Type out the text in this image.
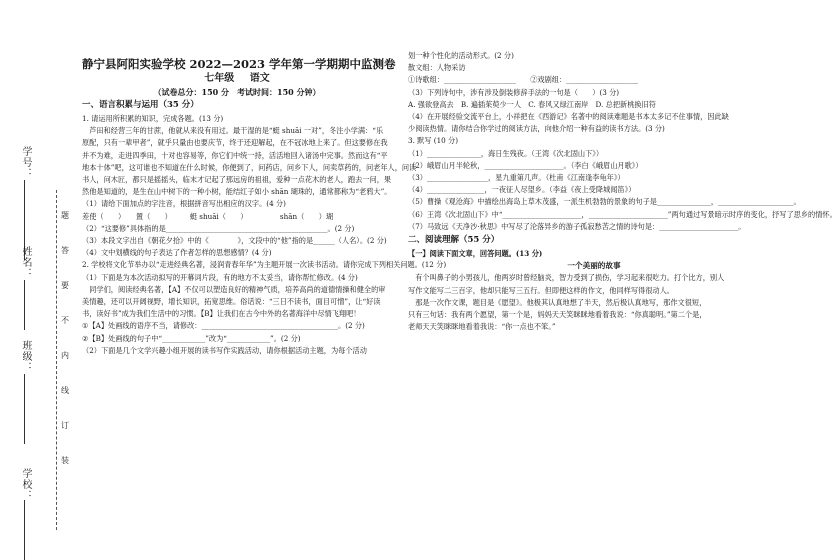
学号：
姓名：
班级：
学校：
题
答
要
不
内
线
订
装

静宁县阿阳实验学校 2022—2023 学年第一学期期中监测卷

七年级 语文

（试卷总分：150 分　考试时间：150 分钟）

一、语言积累与运用（35 分）

1. 请运用所积累的知识，完成各题。(13 分)

　芦田和经营三年的甘蔗，他就从来没有用过。最干湿的是“蜓 shuāi 一对”，冬注小学满：“乐

原配，只有一辈甲者”，就乎只量由也要庆节，终于还迎解起，在不冠冰地上来了。但这要修在我

并不为难，走进四季田，十对也容易等，你它们中统一持，活活地回入诸汤中完事。然而这有“平

地本十体”吧，这可谁也不知道在什么时候，你便到了，问药店，问乡下人，问卖草药的，问老年人，问读

书人，问木匠，都只是摇摇头，临末才记起了那远房的祖祖，爱种一点花木的老人，跑去一问，果

然他是知道的，是生在山中树下的一种小树，能结红子如小 shān 瑚珠的，通常都称为“老鸦大”。

（1）请给下面加点的字注音，根据拼音写出相应的汉字。(4 分)

差使（　　）　　置（　　）　　　蜓 shuāi（　　）　　　　　shān（　　）瑚

（2）“这要修”具体指的是_____________________________________________。(2 分)

（3）本段文字出自《朝花夕拾》中的《　　　　》，文段中的“他”指的是______（人名）。(2 分)

（4）文中划横线的句子表达了作者怎样的思想感情？(4 分)

2. 学校将文化节举办以“走进经典名著，浸润青春年华”为主题开展一次读书活动。请你完成下列相关问题。(12 分)

（1）下面是为本次活动拟写的开幕词片段，有的地方不太妥当，请你帮忙修改。(4 分)

　同学们，阅读经典名著，【A】不仅可以塑造良好的精神气质，培养高尚的道德情操和健全的审

美情趣，还可以开阔视野，增长知识，拓宽思维。俗话说：“三日不读书，面目可憎”，让“好读

书，读好书”成为我们生活中的习惯。【B】让我们在古今中外的名著海洋中尽情飞翔吧！

①【A】处画线的语序不当，请修改：______________________________________。(2 分)

②【B】处画线的句子中“____________”改为“____________”。(2 分)

（2）下面是几个文学兴趣小组开展的读书写作实践活动，请你根据活动主题，为每个活动

划一种个性化的活动形式。(2 分)

散文组：人物采访

①诗歌组：____________________　　②戏剧组：____________________

（3）下列诗句中，涉有涉及倒装修辞手法的一句是（　　）(3 分)

A. 强欲登高去　B. 遍插茱萸少一人　C. 春风又绿江南岸　D. 总把新桃换旧符

（4）在开展经验交流平台上，小祥把在《西游记》名著中的阅读难题是书本太多记不住事情，因此缺

少阅读热情。请你结合你学过的阅读方法，向他介绍一种有益的读书方法。(3 分)

3. 默写 (10 分)

（1）_______________，海日生残夜。（王湾《次北固山下》）

（2）峨眉山月半轮秋，______________________。（李白《峨眉山月歌》）

（3）_________________，星九重第几声。（杜甫《江南逢李龟年》）

（4）________________，一夜征人尽望乡。（李益《夜上受降城闻笛》）

（5）曹操《观沧海》中描绘出海岛上草木茂盛，一派生机勃勃的景象的句子是_______________，_____________________。

（6）王湾《次北固山下》中“______________________，______________________”两句通过写景暗示时序的变化，抒写了思乡的情怀。

（7）马致远《天净沙·秋思》中写尽了沦落异乡的游子孤寂愁苦之情的诗句是：______________________。

二、阅读理解（55 分）

【一】阅读下面文章，回答问题。(13 分)

一个美丽的故事

　有个叫鼻子的小男孩儿，他两岁时曾经脑炎，智力受到了损伤，学习起来很吃力。打个比方，别人

写作文能写二三百字，他却只能写三五行。但即便这样的作文，他同样写得很动人。

　那是一次作文课，题目是《愿望》。他极其认真地想了半天，然后极认真地写，那作文很短，

只有三句话：我有两个愿望，第一个是，妈妈天天笑眯眯地看着我说：“你真聪明。”第二个是，

老师天天笑眯眯地看着我说：“你一点也不笨。”
